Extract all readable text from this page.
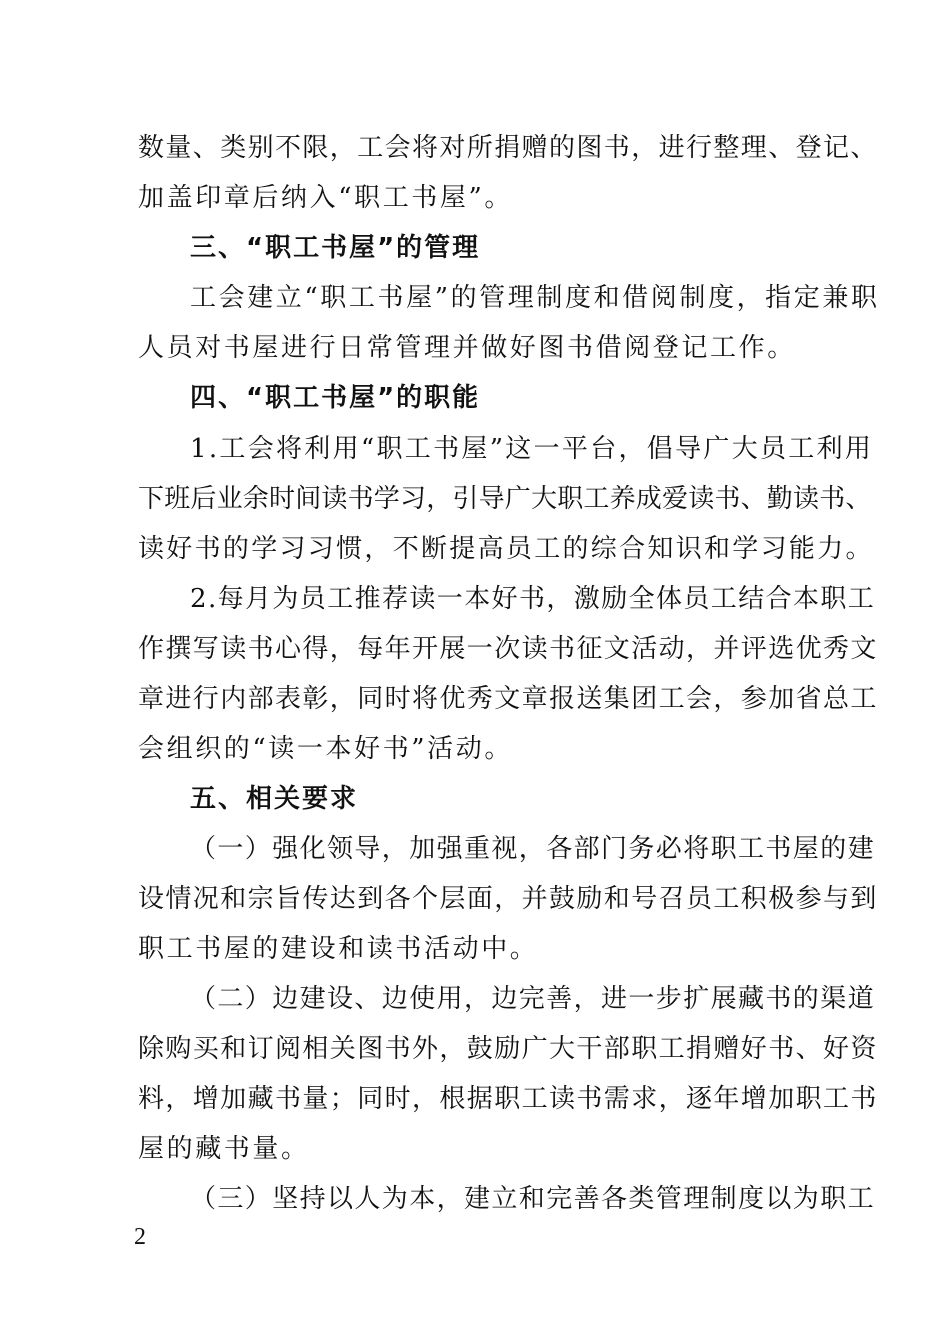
数量、类别不限，工会将对所捐赠的图书，进行整理、登记、
加盖印章后纳入“职工书屋”。
三、“职工书屋”的管理
工会建立“职工书屋”的管理制度和借阅制度，指定兼职
人员对书屋进行日常管理并做好图书借阅登记工作。
四、“职工书屋”的职能
1.工会将利用“职工书屋”这一平台，倡导广大员工利用
下班后业余时间读书学习，引导广大职工养成爱读书、勤读书、
读好书的学习习惯，不断提高员工的综合知识和学习能力。
2.每月为员工推荐读一本好书，激励全体员工结合本职工
作撰写读书心得，每年开展一次读书征文活动，并评选优秀文
章进行内部表彰，同时将优秀文章报送集团工会，参加省总工
会组织的“读一本好书”活动。
五、相关要求
（一）强化领导，加强重视，各部门务必将职工书屋的建
设情况和宗旨传达到各个层面，并鼓励和号召员工积极参与到
职工书屋的建设和读书活动中。
（二）边建设、边使用，边完善，进一步扩展藏书的渠道
除购买和订阅相关图书外，鼓励广大干部职工捐赠好书、好资
料，增加藏书量；同时，根据职工读书需求，逐年增加职工书
屋的藏书量。
（三）坚持以人为本，建立和完善各类管理制度以为职工
2
